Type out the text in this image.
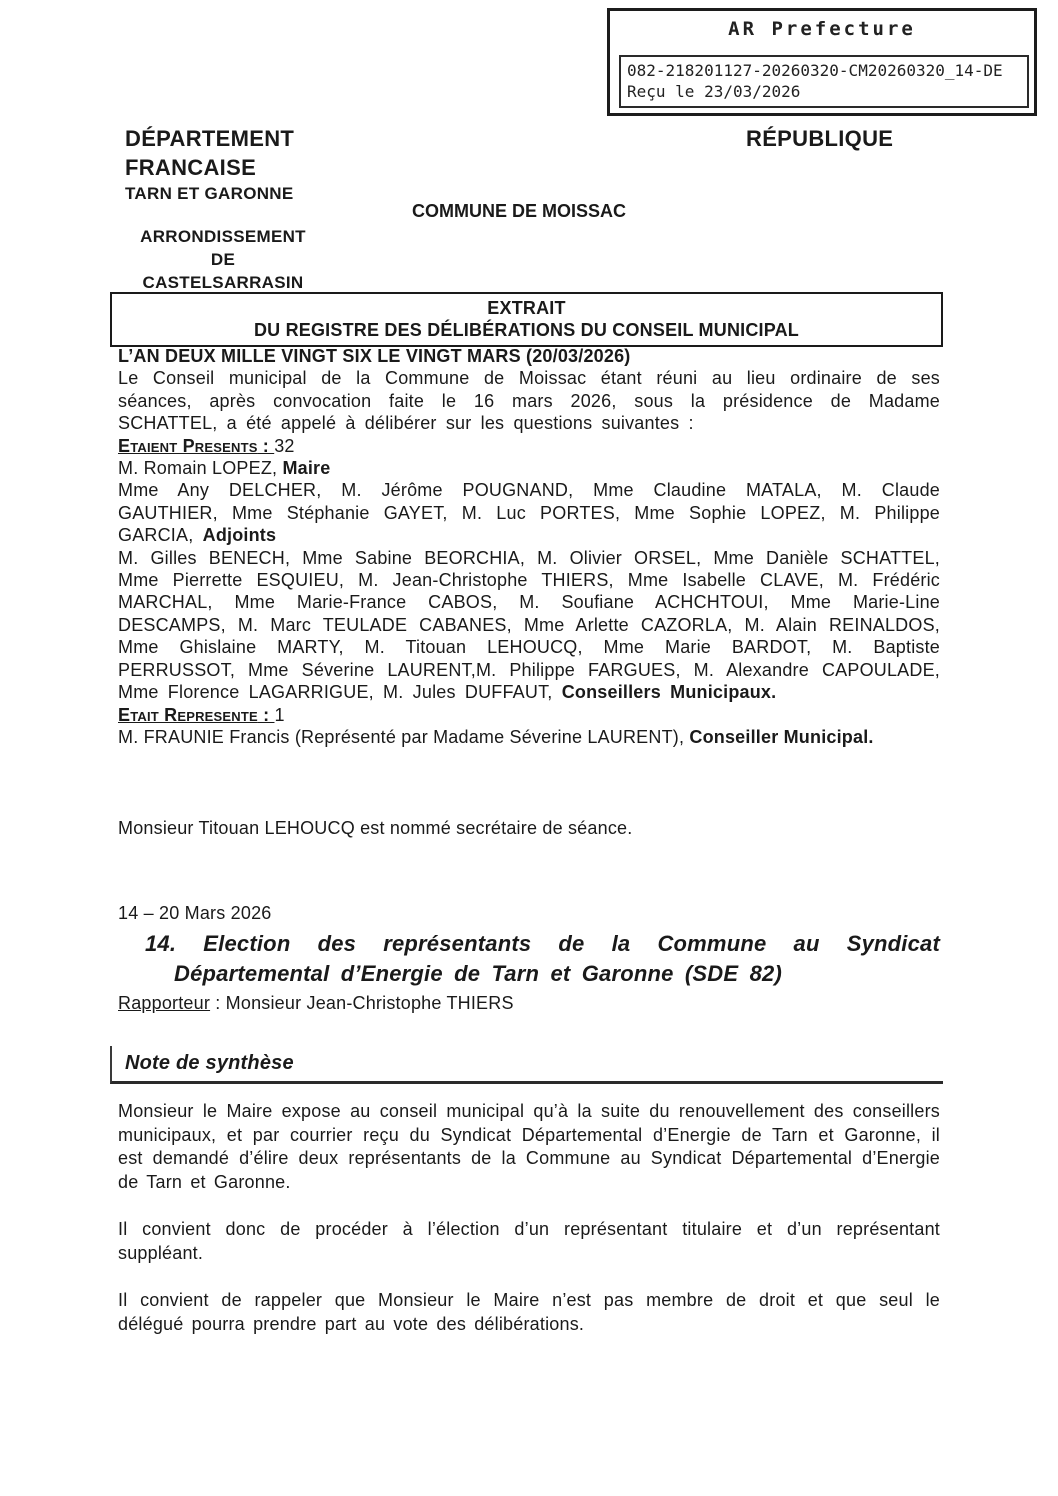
AR Prefecture
082-218201127-20260320-CM20260320_14-DE
Reçu le 23/03/2026
DÉPARTEMENT
FRANCAISE
TARN ET GARONNE
RÉPUBLIQUE
COMMUNE DE MOISSAC
ARRONDISSEMENT
DE
CASTELSARRASIN
EXTRAIT
DU REGISTRE DES DÉLIBÉRATIONS DU CONSEIL MUNICIPAL
L’AN DEUX MILLE VINGT SIX LE VINGT MARS (20/03/2026)

Le Conseil municipal de la Commune de Moissac étant réuni au lieu ordinaire de ses séances, après convocation faite le 16 mars 2026, sous la présidence de Madame SCHATTEL, a été appelé à délibérer sur les questions suivantes :

Etaient Presents : 32
M. Romain LOPEZ, Maire

Mme Any DELCHER, M. Jérôme POUGNAND, Mme Claudine MATALA, M. Claude GAUTHIER, Mme Stéphanie GAYET, M. Luc PORTES, Mme Sophie LOPEZ, M. Philippe GARCIA, Adjoints

M. Gilles BENECH, Mme Sabine BEORCHIA, M. Olivier ORSEL, Mme Danièle SCHATTEL, Mme Pierrette ESQUIEU, M. Jean-Christophe THIERS, Mme Isabelle CLAVE, M. Frédéric MARCHAL, Mme Marie-France CABOS, M. Soufiane ACHCHTOUI, Mme Marie-Line DESCAMPS, M. Marc TEULADE CABANES, Mme Arlette CAZORLA, M. Alain REINALDOS, Mme Ghislaine MARTY, M. Titouan LEHOUCQ, Mme Marie BARDOT, M. Baptiste PERRUSSOT, Mme Séverine LAURENT,M. Philippe FARGUES, M. Alexandre CAPOULADE, Mme Florence LAGARRIGUE, M. Jules DUFFAUT, Conseillers Municipaux.

Etait Represente : 1
M. FRAUNIE Francis (Représenté par Madame Séverine LAURENT), Conseiller Municipal.
Monsieur Titouan LEHOUCQ est nommé secrétaire de séance.
14 – 20 Mars 2026
14. Election des représentants de la Commune au Syndicat Départemental d’Energie de Tarn et Garonne (SDE 82)
Rapporteur : Monsieur Jean-Christophe THIERS
Note de synthèse

Monsieur le Maire expose au conseil municipal qu’à la suite du renouvellement des conseillers municipaux, et par courrier reçu du Syndicat Départemental d’Energie de Tarn et Garonne, il est demandé d’élire deux représentants de la Commune au Syndicat Départemental d’Energie de Tarn et Garonne.

Il convient donc de procéder à l’élection d’un représentant titulaire et d’un représentant suppléant.

Il convient de rappeler que Monsieur le Maire n’est pas membre de droit et que seul le délégué pourra prendre part au vote des délibérations.
